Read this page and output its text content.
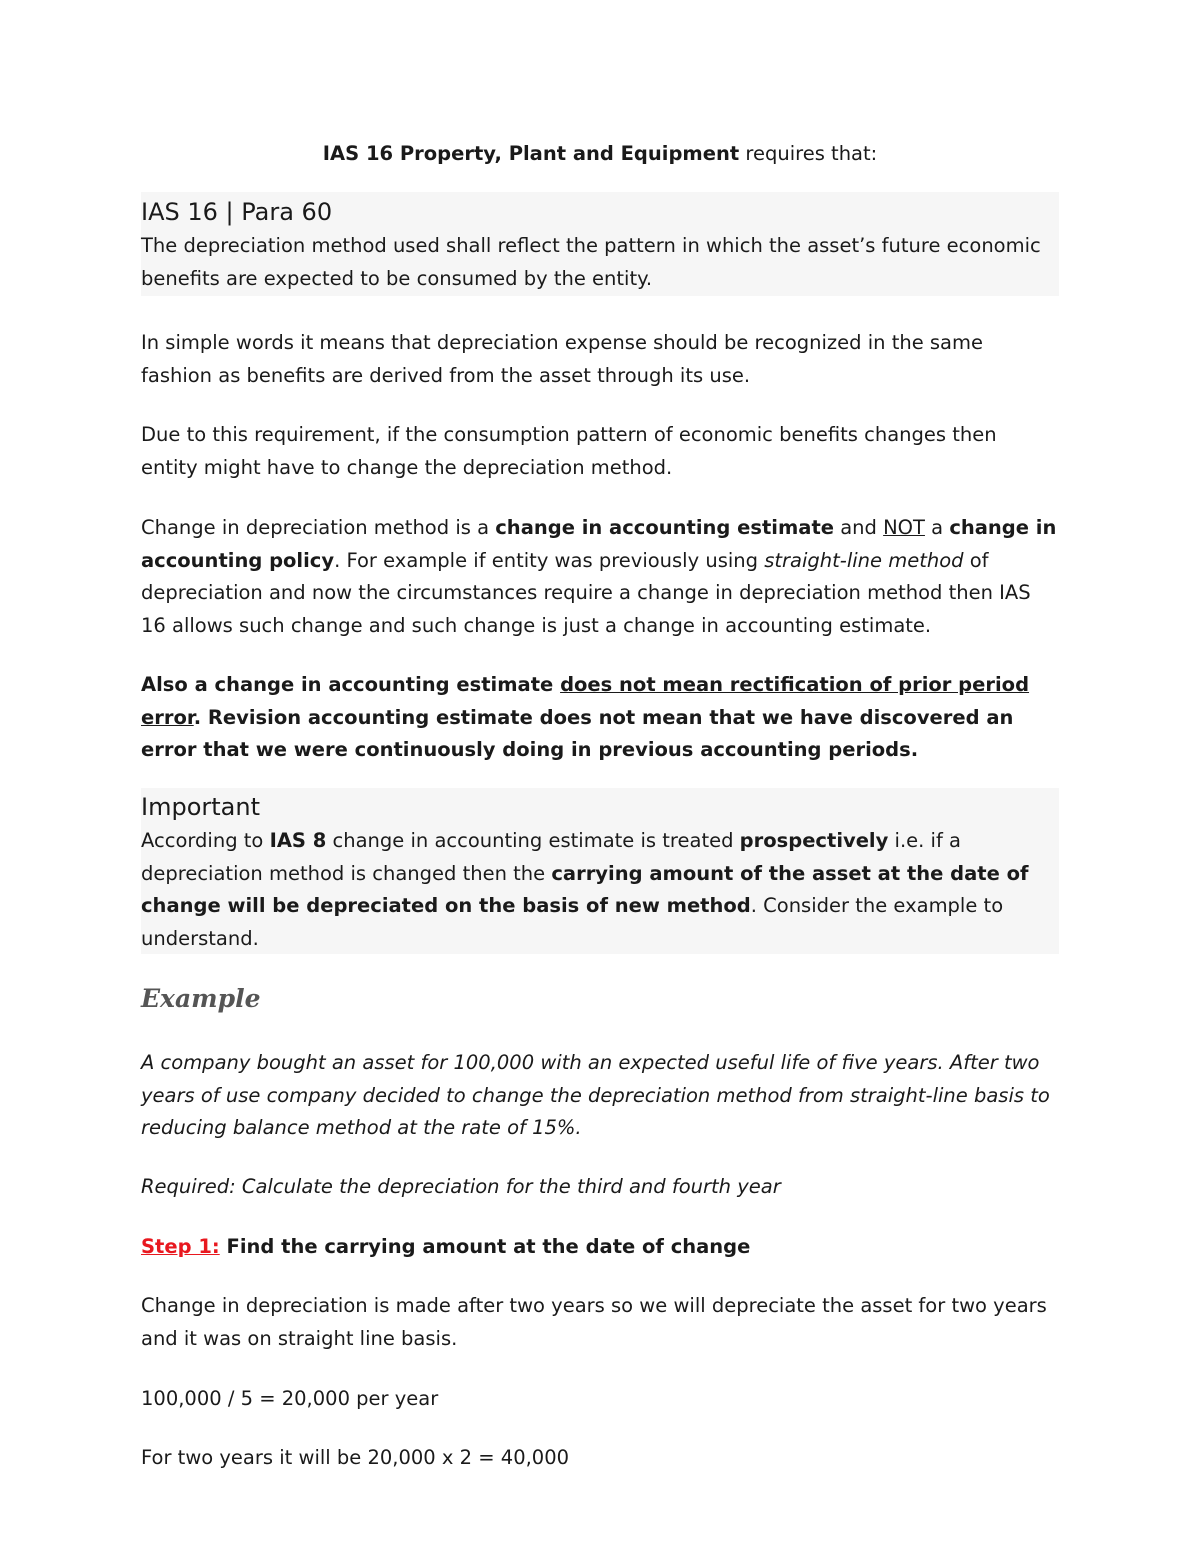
IAS 16 Property, Plant and Equipment requires that:

IAS 16 | Para 60

The depreciation method used shall reflect the pattern in which the asset’s future economic benefits are expected to be consumed by the entity.

In simple words it means that depreciation expense should be recognized in the same fashion as benefits are derived from the asset through its use.

Due to this requirement, if the consumption pattern of economic benefits changes then entity might have to change the depreciation method.

Change in depreciation method is a change in accounting estimate and NOT a change in accounting policy. For example if entity was previously using straight-line method of depreciation and now the circumstances require a change in depreciation method then IAS 16 allows such change and such change is just a change in accounting estimate.

Also a change in accounting estimate does not mean rectification of prior period error. Revision accounting estimate does not mean that we have discovered an error that we were continuously doing in previous accounting periods.

Important

According to IAS 8 change in accounting estimate is treated prospectively i.e. if a depreciation method is changed then the carrying amount of the asset at the date of change will be depreciated on the basis of new method. Consider the example to understand.

Example

A company bought an asset for 100,000 with an expected useful life of five years. After two years of use company decided to change the depreciation method from straight-line basis to reducing balance method at the rate of 15%.

Required: Calculate the depreciation for the third and fourth year

Step 1: Find the carrying amount at the date of change

Change in depreciation is made after two years so we will depreciate the asset for two years and it was on straight line basis.

100,000 / 5 = 20,000 per year

For two years it will be 20,000 x 2 = 40,000
